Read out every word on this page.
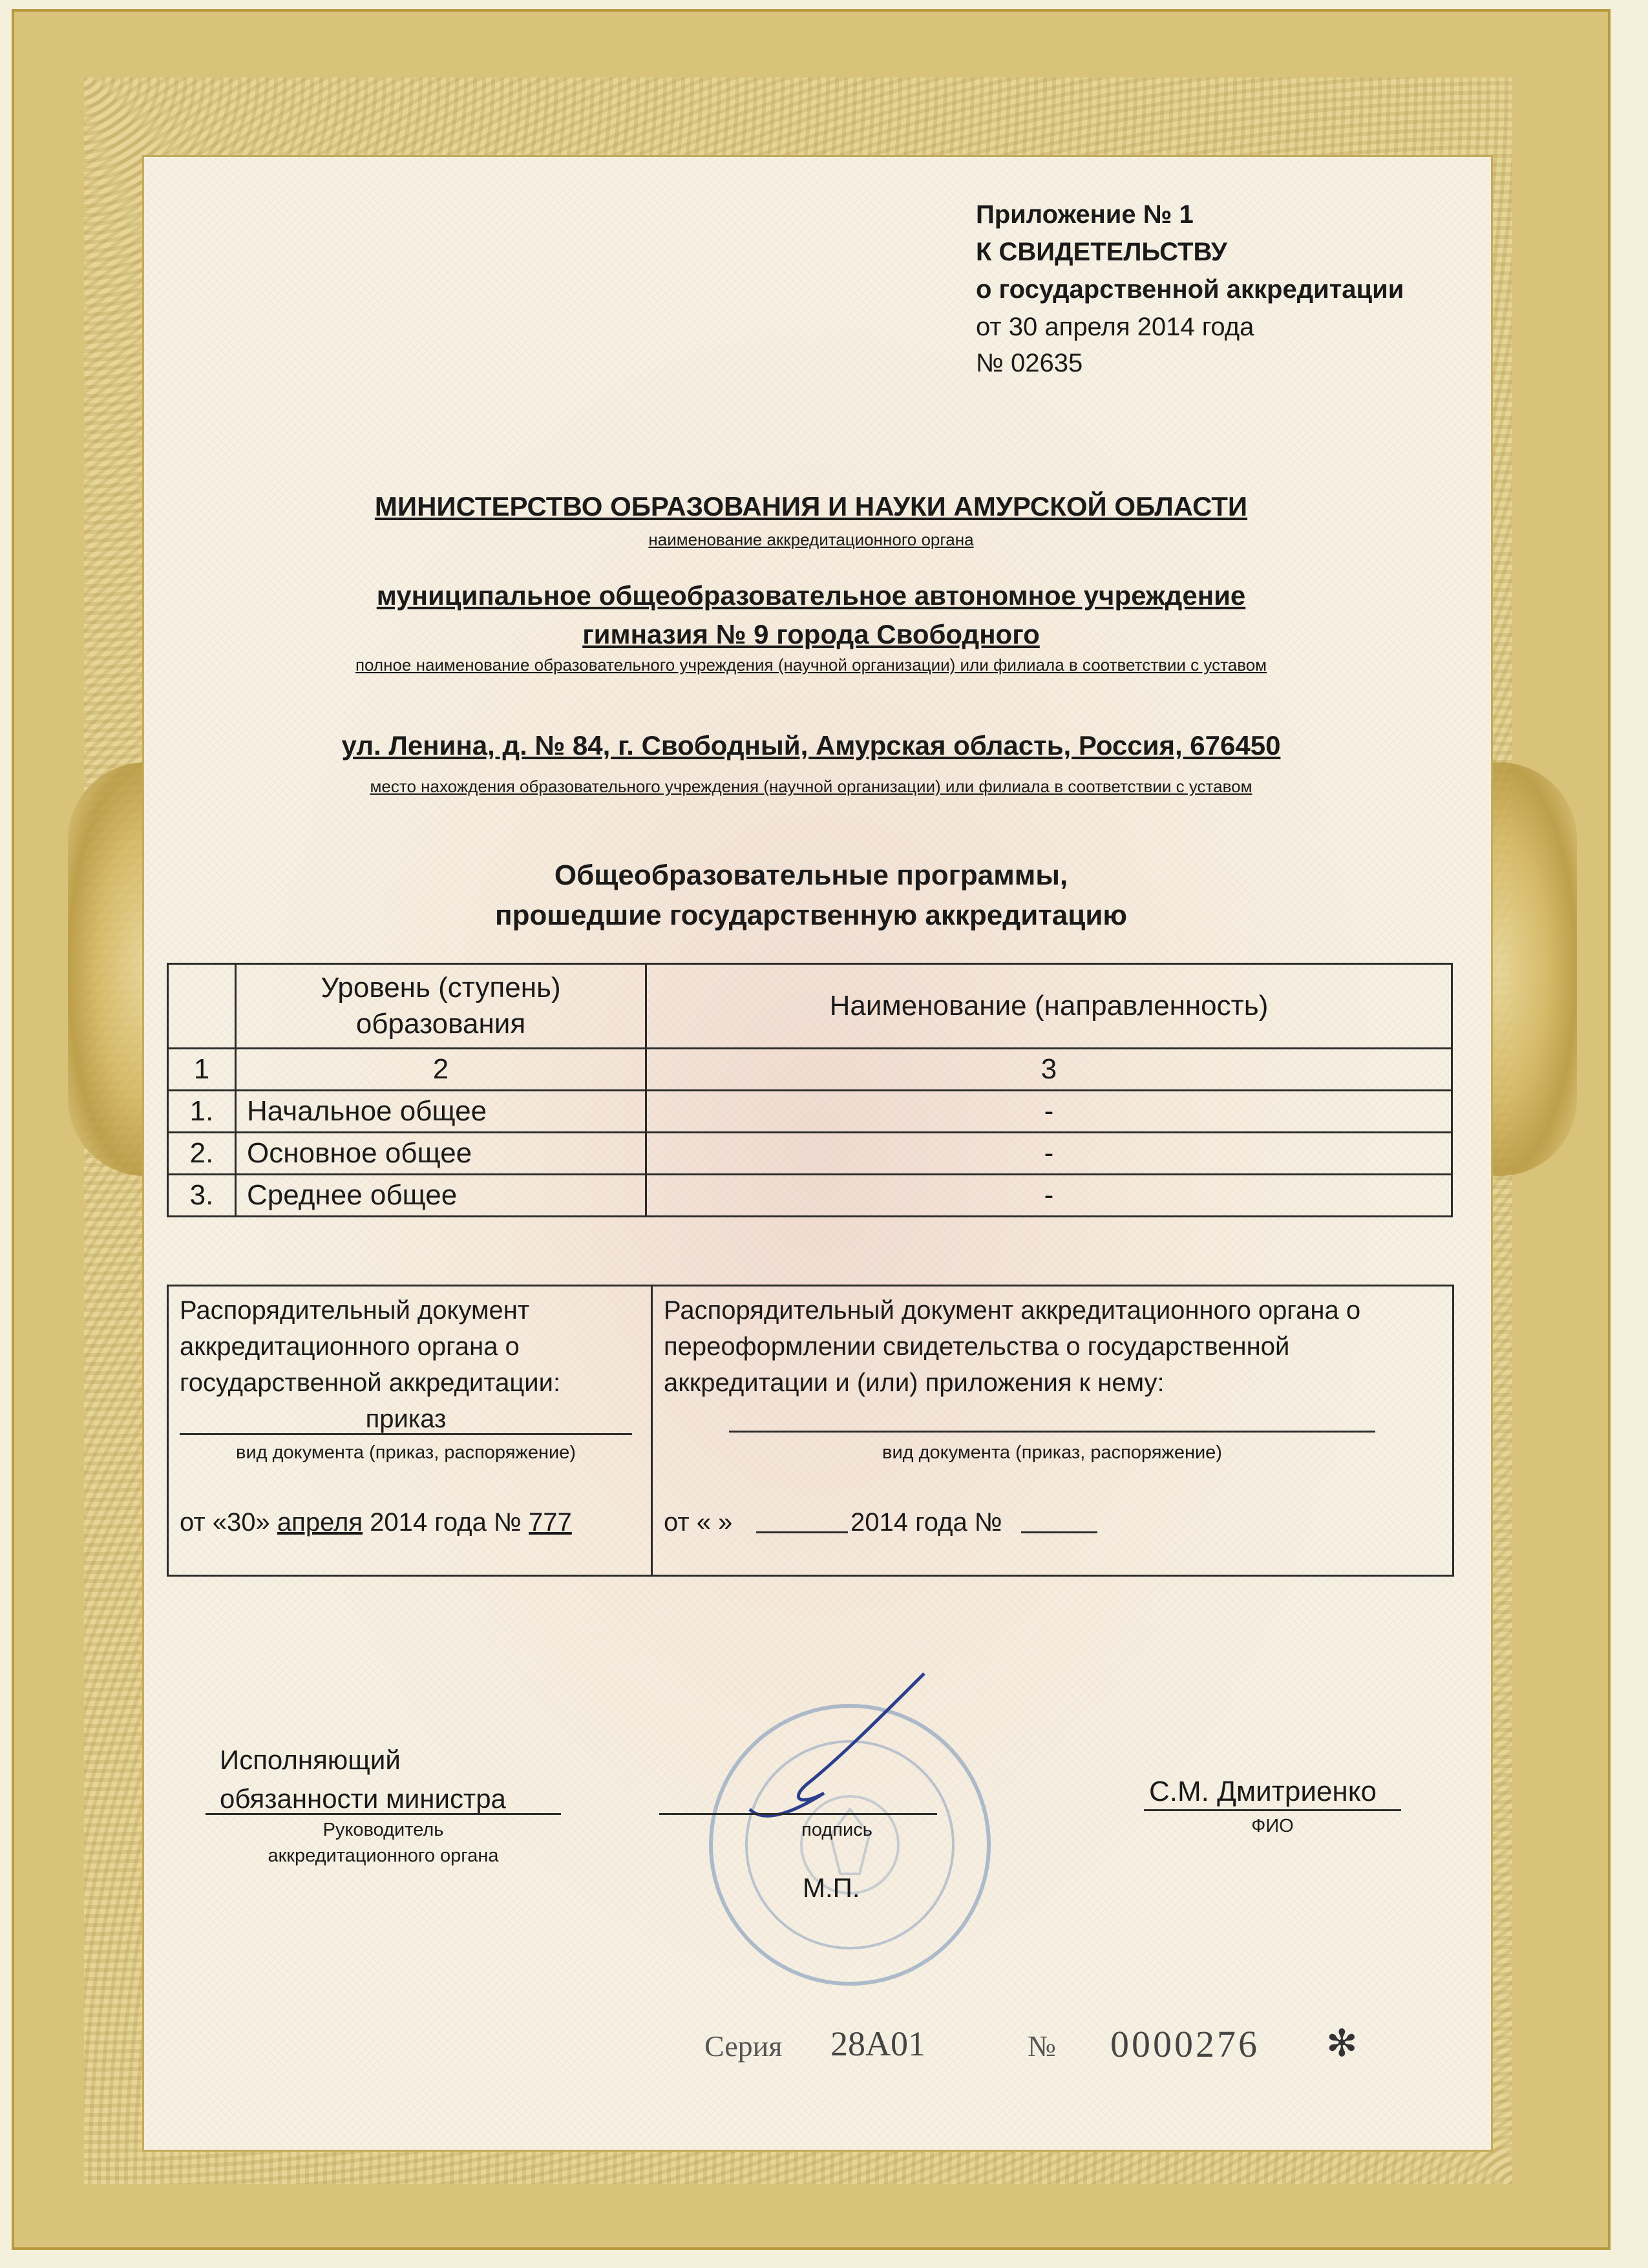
Приложение № 1
К СВИДЕТЕЛЬСТВУ
о государственной аккредитации
от 30 апреля 2014 года
№ 02635
МИНИСТЕРСТВО ОБРАЗОВАНИЯ И НАУКИ АМУРСКОЙ ОБЛАСТИ
наименование аккредитационного органа
муниципальное общеобразовательное автономное учреждение
гимназия № 9 города Свободного
полное наименование образовательного учреждения (научной организации) или филиала в соответствии с уставом
ул. Ленина, д. № 84, г. Свободный, Амурская область, Россия, 676450
место нахождения образовательного учреждения (научной организации) или филиала в соответствии с уставом
Общеобразовательные программы,
прошедшие государственную аккредитацию
	Уровень (ступень) образования	Наименование (направленность)
1	2	3
1.	Начальное общее	-
2.	Основное общее	-
3.	Среднее общее	-
Распорядительный документ
аккредитационного органа о
государственной аккредитации:
приказ
вид документа (приказ, распоряжение)
от «30» апреля 2014 года № 777
Распорядительный документ аккредитационного органа о
переоформлении свидетельства о государственной
аккредитации и (или) приложения к нему:
вид документа (приказ, распоряжение)
от « »	2014 года №
Исполняющий
обязанности министра
Руководитель
аккредитационного органа
подпись
М.П.
С.М. Дмитриенко
ФИО
Серия 28А01	№ 0000276 ✻
